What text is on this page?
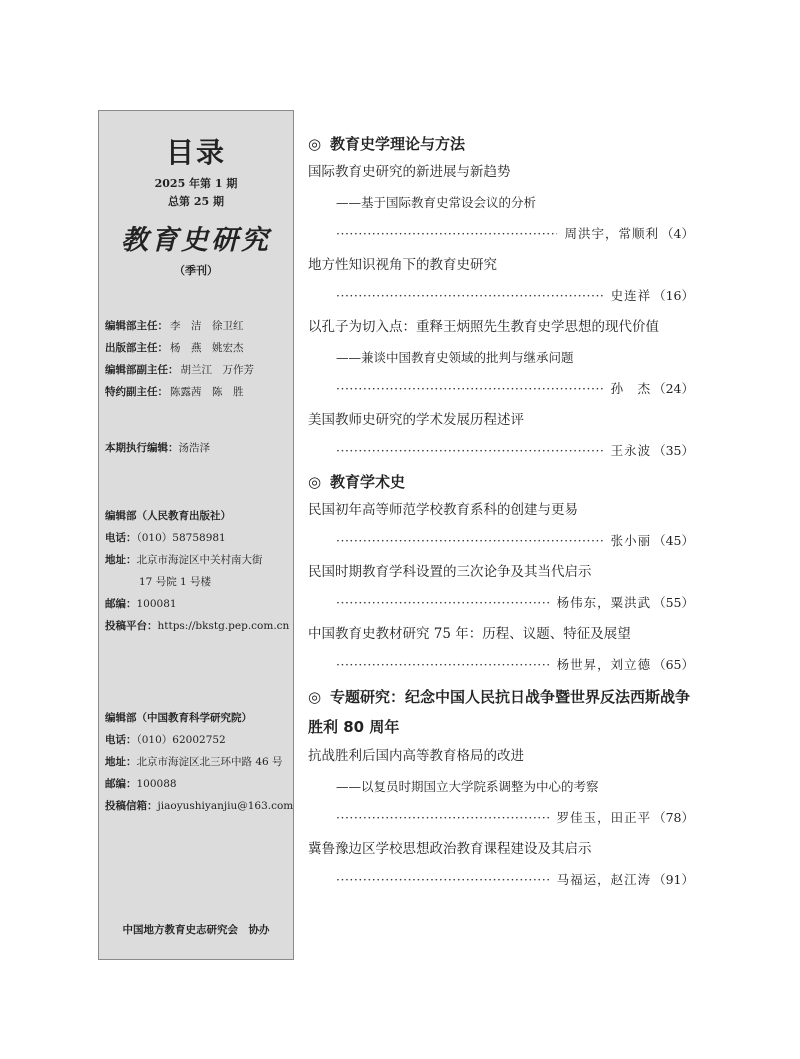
目录
2025 年第 1 期
总第 25 期
教育史研究
（季刊）
编辑部主任： 李　洁　徐卫红
出版部主任： 杨　燕　姚宏杰
编辑部副主任： 胡兰江　万作芳
特约副主任： 陈露茜　陈　胜
本期执行编辑：汤浩泽
编辑部（人民教育出版社）
电话：（010）58758981
地址：北京市海淀区中关村南大街
17 号院 1 号楼
邮编：100081
投稿平台：https://bkstg.pep.com.cn
编辑部（中国教育科学研究院）
电话：（010）62002752
地址：北京市海淀区北三环中路 46 号
邮编：100088
投稿信箱：jiaoyushiyanjiu@163.com
中国地方教育史志研究会　协办
◎ 教育史学理论与方法
国际教育史研究的新进展与新趋势
——基于国际教育史常设会议的分析
·····
周洪宇，常顺利 （4）
地方性知识视角下的教育史研究
·····
史连祥 （16）
以孔子为切入点：重释王炳照先生教育史学思想的现代价值
——兼谈中国教育史领域的批判与继承问题
·····
孙　杰 （24）
美国教师史研究的学术发展历程述评
·····
王永波 （35）
◎ 教育学术史
民国初年高等师范学校教育系科的创建与更易
·····
张小丽 （45）
民国时期教育学科设置的三次论争及其当代启示
·····
杨伟东，粟洪武 （55）
中国教育史教材研究 75 年：历程、议题、特征及展望
·····
杨世昇，刘立德 （65）
◎ 专题研究：纪念中国人民抗日战争暨世界反法西斯战争胜利 80 周年
抗战胜利后国内高等教育格局的改进
——以复员时期国立大学院系调整为中心的考察
·····
罗佳玉，田正平 （78）
冀鲁豫边区学校思想政治教育课程建设及其启示
·····
马福运，赵江涛 （91）
